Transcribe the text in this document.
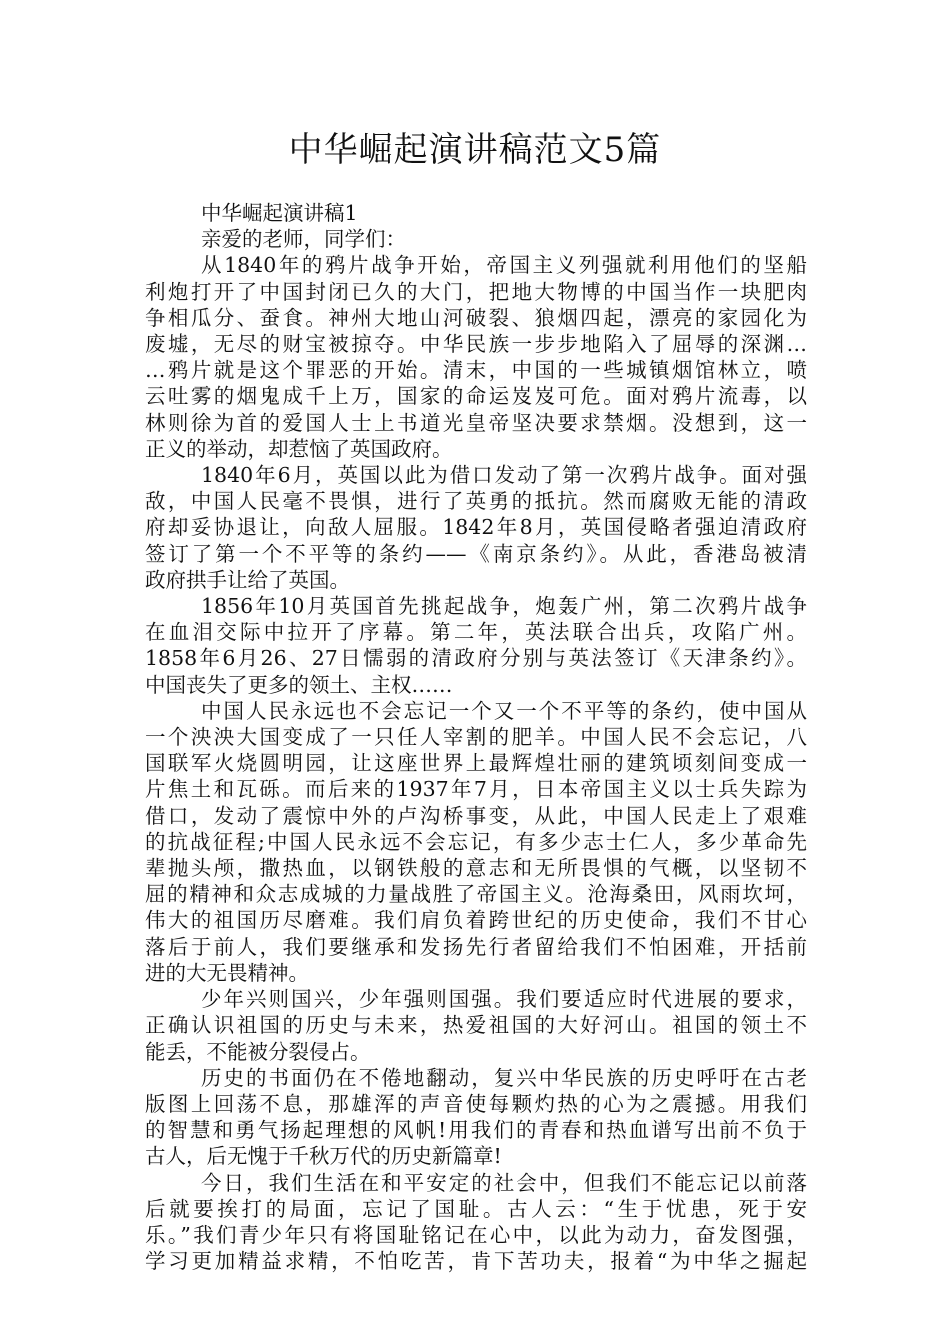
中华崛起演讲稿范文5篇
中华崛起演讲稿1
亲爱的老师，同学们：
从1840年的鸦片战争开始，帝国主义列强就利用他们的坚船
利炮打开了中国封闭已久的大门，把地大物博的中国当作一块肥肉
争相瓜分、蚕食。神州大地山河破裂、狼烟四起，漂亮的家园化为
废墟，无尽的财宝被掠夺。中华民族一步步地陷入了屈辱的深渊…
…鸦片就是这个罪恶的开始。清末，中国的一些城镇烟馆林立，喷
云吐雾的烟鬼成千上万，国家的命运岌岌可危。面对鸦片流毒，以
林则徐为首的爱国人士上书道光皇帝坚决要求禁烟。没想到，这一
正义的举动，却惹恼了英国政府。
1840年6月，英国以此为借口发动了第一次鸦片战争。面对强
敌，中国人民毫不畏惧，进行了英勇的抵抗。然而腐败无能的清政
府却妥协退让，向敌人屈服。1842年8月，英国侵略者强迫清政府
签订了第一个不平等的条约——《南京条约》。从此，香港岛被清
政府拱手让给了英国。
1856年10月英国首先挑起战争，炮轰广州，第二次鸦片战争
在血泪交际中拉开了序幕。第二年，英法联合出兵，攻陷广州。
1858年6月26、27日懦弱的清政府分别与英法签订《天津条约》。
中国丧失了更多的领土、主权……
中国人民永远也不会忘记一个又一个不平等的条约，使中国从
一个泱泱大国变成了一只任人宰割的肥羊。中国人民不会忘记，八
国联军火烧圆明园，让这座世界上最辉煌壮丽的建筑顷刻间变成一
片焦土和瓦砾。而后来的1937年7月，日本帝国主义以士兵失踪为
借口，发动了震惊中外的卢沟桥事变，从此，中国人民走上了艰难
的抗战征程;中国人民永远不会忘记，有多少志士仁人，多少革命先
辈抛头颅，撒热血，以钢铁般的意志和无所畏惧的气概，以坚韧不
屈的精神和众志成城的力量战胜了帝国主义。沧海桑田，风雨坎坷，
伟大的祖国历尽磨难。我们肩负着跨世纪的历史使命，我们不甘心
落后于前人，我们要继承和发扬先行者留给我们不怕困难，开括前
进的大无畏精神。
少年兴则国兴，少年强则国强。我们要适应时代进展的要求，
正确认识祖国的历史与未来，热爱祖国的大好河山。祖国的领土不
能丢，不能被分裂侵占。
历史的书面仍在不倦地翻动，复兴中华民族的历史呼吁在古老
版图上回荡不息，那雄浑的声音使每颗灼热的心为之震撼。用我们
的智慧和勇气扬起理想的风帆!用我们的青春和热血谱写出前不负于
古人，后无愧于千秋万代的历史新篇章!
今日，我们生活在和平安定的社会中，但我们不能忘记以前落
后就要挨打的局面，忘记了国耻。古人云：“生于忧患，死于安
乐。”我们青少年只有将国耻铭记在心中，以此为动力，奋发图强，
学习更加精益求精，不怕吃苦，肯下苦功夫，报着“为中华之掘起
